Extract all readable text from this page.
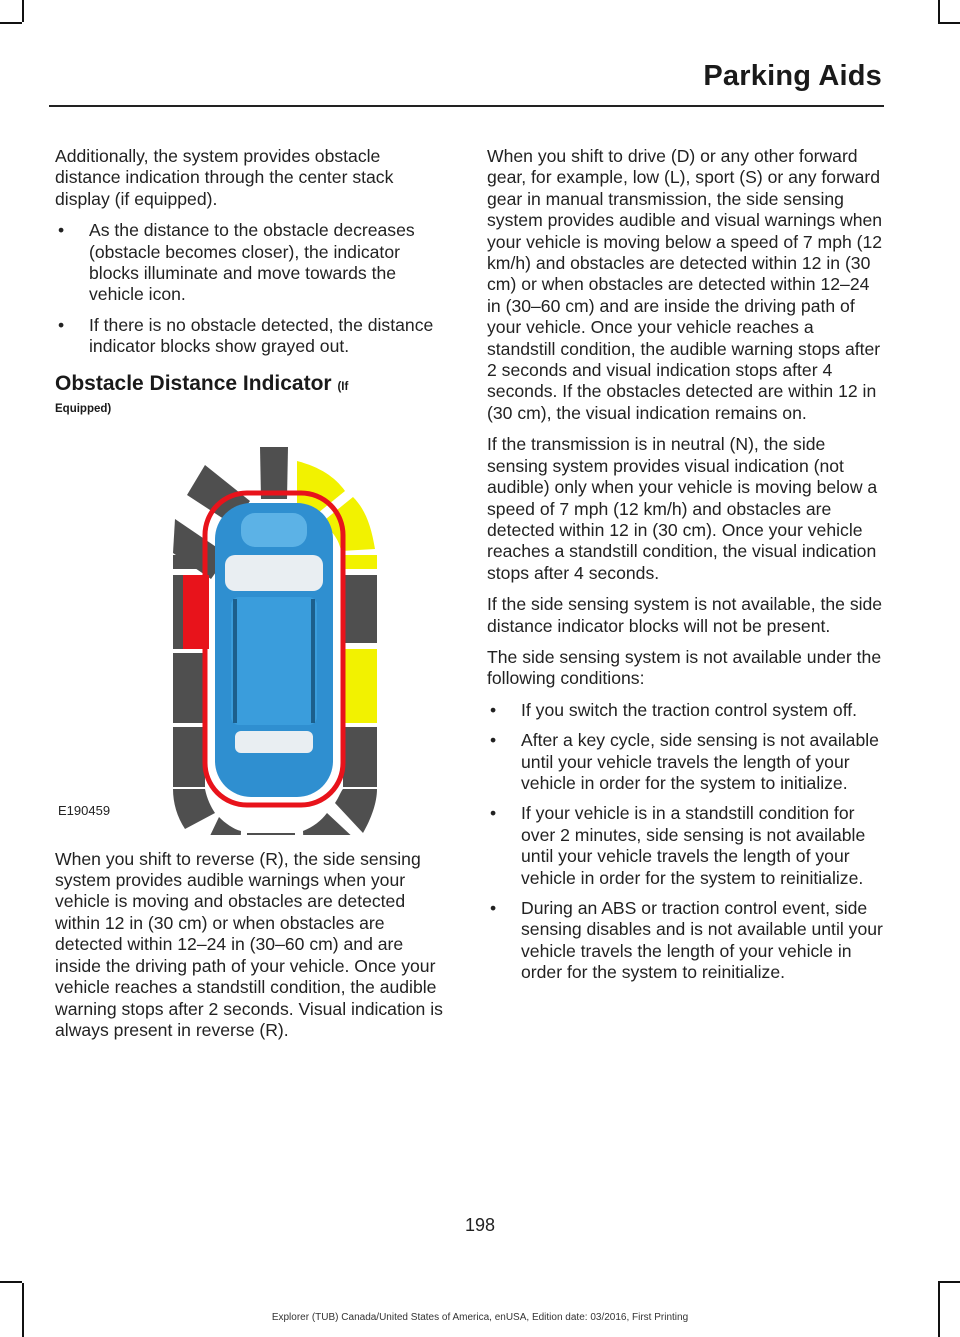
Parking Aids

Additionally, the system provides obstacle distance indication through the center stack display (if equipped).

• As the distance to the obstacle decreases (obstacle becomes closer), the indicator blocks illuminate and move towards the vehicle icon.
• If there is no obstacle detected, the distance indicator blocks show grayed out.
Obstacle Distance Indicator (If
Equipped)
E190459

When you shift to reverse (R), the side sensing system provides audible warnings when your vehicle is moving and obstacles are detected within 12 in (30 cm) or when obstacles are detected within 12–24 in (30–60 cm) and are inside the driving path of your vehicle. Once your vehicle reaches a standstill condition, the audible warning stops after 2 seconds. Visual indication is always present in reverse (R).

When you shift to drive (D) or any other forward gear, for example, low (L), sport (S) or any forward gear in manual transmission, the side sensing system provides audible and visual warnings when your vehicle is moving below a speed of 7 mph (12 km/h) and obstacles are detected within 12 in (30 cm) or when obstacles are detected within 12–24 in (30–60 cm) and are inside the driving path of your vehicle. Once your vehicle reaches a standstill condition, the audible warning stops after 2 seconds and visual indication stops after 4 seconds. If the obstacles detected are within 12 in (30 cm), the visual indication remains on.

If the transmission is in neutral (N), the side sensing system provides visual indication (not audible) only when your vehicle is moving below a speed of 7 mph (12 km/h) and obstacles are detected within 12 in (30 cm). Once your vehicle reaches a standstill condition, the visual indication stops after 4 seconds.

If the side sensing system is not available, the side distance indicator blocks will not be present.

The side sensing system is not available under the following conditions:

• If you switch the traction control system off.
• After a key cycle, side sensing is not available until your vehicle travels the length of your vehicle in order for the system to initialize.
• If your vehicle is in a standstill condition for over 2 minutes, side sensing is not available until your vehicle travels the length of your vehicle in order for the system to reinitialize.
• During an ABS or traction control event, side sensing disables and is not available until your vehicle travels the length of your vehicle in order for the system to reinitialize.
198
Explorer (TUB) Canada/United States of America, enUSA, Edition date: 03/2016, First Printing
